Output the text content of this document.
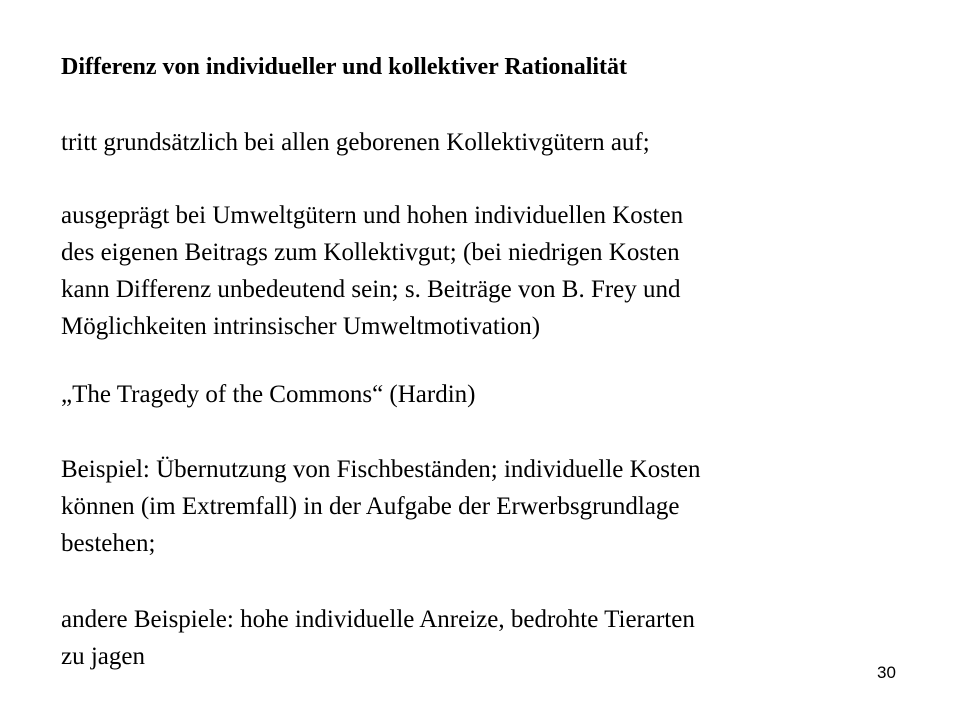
Differenz von individueller und kollektiver Rationalität
tritt grundsätzlich bei allen geborenen Kollektivgütern auf;
ausgeprägt bei Umweltgütern und hohen individuellen Kosten
des eigenen Beitrags zum Kollektivgut; (bei niedrigen Kosten
kann Differenz unbedeutend sein; s. Beiträge von B. Frey und
Möglichkeiten intrinsischer Umweltmotivation)
„The Tragedy of the Commons“ (Hardin)
Beispiel: Übernutzung von Fischbeständen; individuelle Kosten
können (im Extremfall) in der Aufgabe der Erwerbsgrundlage
bestehen;
andere Beispiele: hohe individuelle Anreize, bedrohte Tierarten
zu jagen
30
